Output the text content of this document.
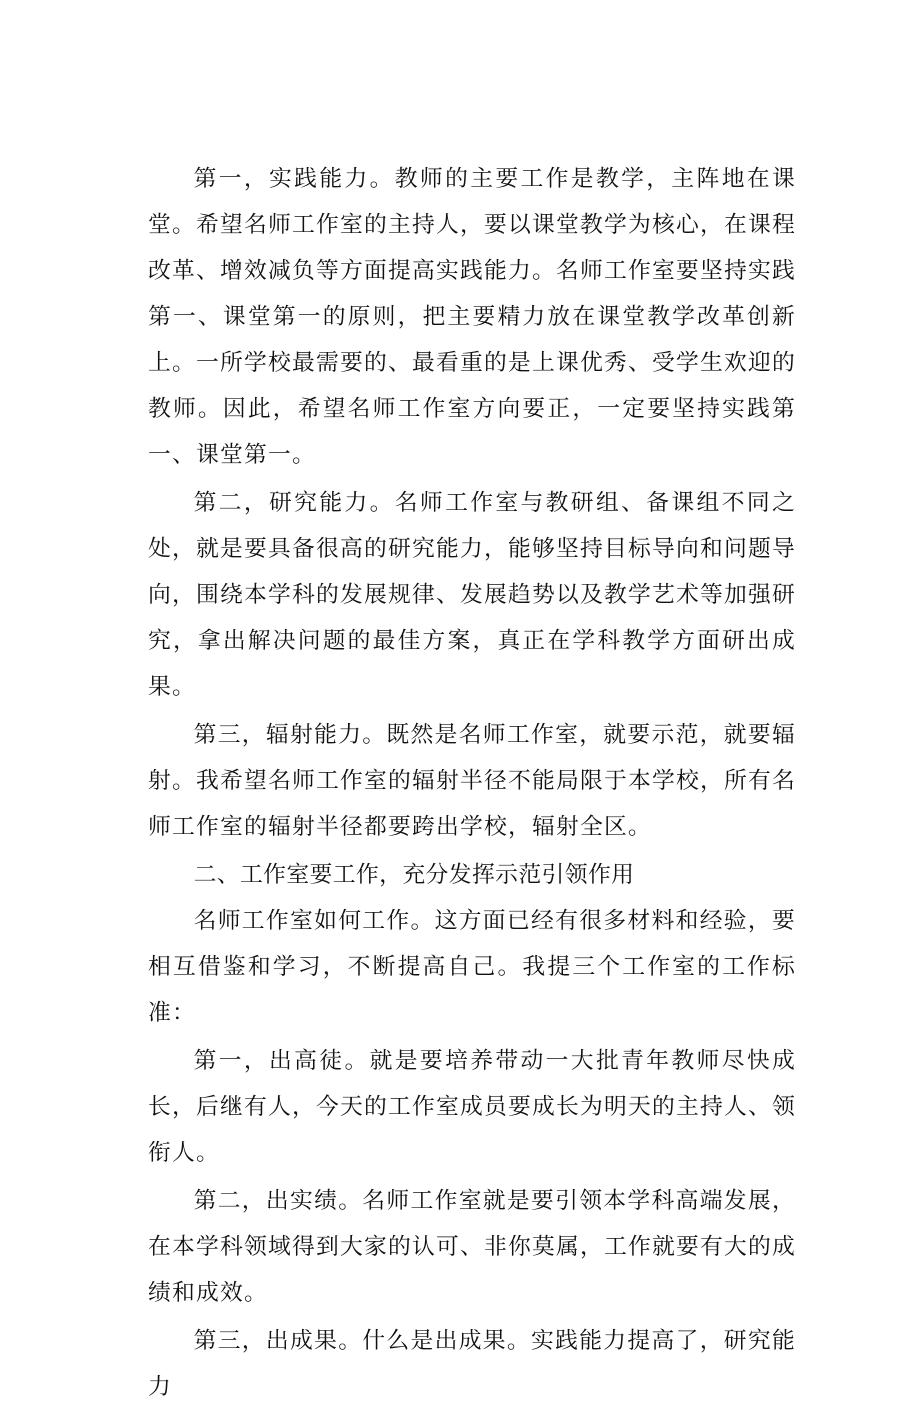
第一，实践能力。教师的主要工作是教学，主阵地在课堂。希望名师工作室的主持人，要以课堂教学为核心，在课程改革、增效减负等方面提高实践能力。名师工作室要坚持实践第一、课堂第一的原则，把主要精力放在课堂教学改革创新上。一所学校最需要的、最看重的是上课优秀、受学生欢迎的教师。因此，希望名师工作室方向要正，一定要坚持实践第一、课堂第一。

第二，研究能力。名师工作室与教研组、备课组不同之处，就是要具备很高的研究能力，能够坚持目标导向和问题导向，围绕本学科的发展规律、发展趋势以及教学艺术等加强研究，拿出解决问题的最佳方案，真正在学科教学方面研出成果。

第三，辐射能力。既然是名师工作室，就要示范，就要辐射。我希望名师工作室的辐射半径不能局限于本学校，所有名师工作室的辐射半径都要跨出学校，辐射全区。

二、工作室要工作，充分发挥示范引领作用

名师工作室如何工作。这方面已经有很多材料和经验，要相互借鉴和学习，不断提高自己。我提三个工作室的工作标准：

第一，出高徒。就是要培养带动一大批青年教师尽快成长，后继有人，今天的工作室成员要成长为明天的主持人、领衔人。

第二，出实绩。名师工作室就是要引领本学科高端发展，在本学科领域得到大家的认可、非你莫属，工作就要有大的成绩和成效。

第三，出成果。什么是出成果。实践能力提高了，研究能力
